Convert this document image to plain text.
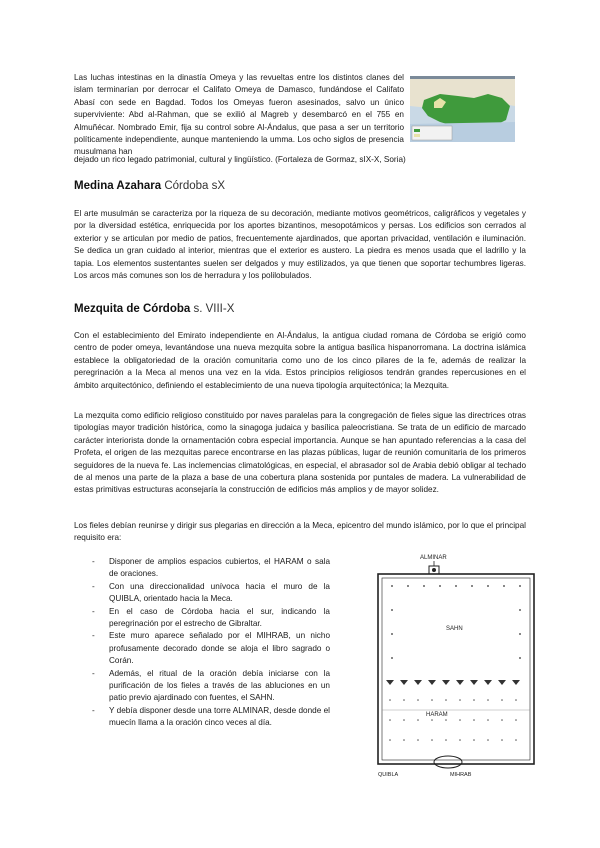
Las luchas intestinas en la dinastía Omeya y las revueltas entre los distintos clanes del islam terminarían por derrocar el Califato Omeya de Damasco, fundándose el Califato Abasí con sede en Bagdad. Todos los Omeyas fueron asesinados, salvo un único superviviente: Abd al-Rahman, que se exilió al Magreb y desembarcó en el 755 en Almuñécar. Nombrado Emir, fija su control sobre Al-Ándalus, que pasa a ser un territorio políticamente independiente, aunque manteniendo la umma. Los ocho siglos de presencia musulmana han

dejado un rico legado patrimonial, cultural y lingüístico. (Fortaleza de Gormaz, sIX-X, Soria)
Medina Azahara Córdoba sX

El arte musulmán se caracteriza por la riqueza de su decoración, mediante motivos geométricos, caligráficos y vegetales y por la diversidad estética, enriquecida por los aportes bizantinos, mesopotámicos y persas. Los edificios son cerrados al exterior y se articulan por medio de patios, frecuentemente ajardinados, que aportan privacidad, ventilación e iluminación. Se dedica un gran cuidado al interior, mientras que el exterior es austero. La piedra es menos usada que el ladrillo y la tapia. Los elementos sustentantes suelen ser delgados y muy estilizados, ya que tienen que soportar techumbres ligeras. Los arcos más comunes son los de herradura y los polilobulados.

Mezquita de Córdoba s. VIII-X

Con el establecimiento del Emirato independiente en Al-Ándalus, la antigua ciudad romana de Córdoba se erigió como centro de poder omeya, levantándose una nueva mezquita sobre la antigua basílica hispanorromana. La doctrina islámica establece la obligatoriedad de la oración comunitaria como uno de los cinco pilares de la fe, además de realizar la peregrinación a la Meca al menos una vez en la vida. Estos principios religiosos tendrán grandes repercusiones en el ámbito arquitectónico, definiendo el establecimiento de una nueva tipología arquitectónica; la Mezquita.

La mezquita como edificio religioso constituido por naves paralelas para la congregación de fieles sigue las directrices otras tipologías mayor tradición histórica, como la sinagoga judaica y basílica paleocristiana. Se trata de un edificio de marcado carácter interiorista donde la ornamentación cobra especial importancia. Aunque se han apuntado referencias a la casa del Profeta, el origen de las mezquitas parece encontrarse en las plazas públicas, lugar de reunión comunitaria de los primeros seguidores de la nueva fe. Las inclemencias climatológicas, en especial, el abrasador sol de Arabia debió obligar al techado de al menos una parte de la plaza a base de una cobertura plana sostenida por puntales de madera. La vulnerabilidad de estas primitivas estructuras aconsejaría la construcción de edificios más amplios y de mayor solidez.

Los fieles debían reunirse y dirigir sus plegarias en dirección a la Meca, epicentro del mundo islámico, por lo que el principal requisito era:

- Disponer de amplios espacios cubiertos, el HARAM o sala de oraciones.
- Con una direccionalidad unívoca hacia el muro de la QUIBLA, orientado hacia la Meca.
- En el caso de Córdoba hacia el sur, indicando la peregrinación por el estrecho de Gibraltar.
- Este muro aparece señalado por el MIHRAB, un nicho profusamente decorado donde se aloja el libro sagrado o Corán.
- Además, el ritual de la oración debía iniciarse con la purificación de los fieles a través de las abluciones en un patio previo ajardinado con fuentes, el SAHN.
- Y debía disponer desde una torre ALMINAR, desde donde el muecín llama a la oración cinco veces al día.
ALMINAR
SAHN
HARAM
QUIBLA	MIHRAB
